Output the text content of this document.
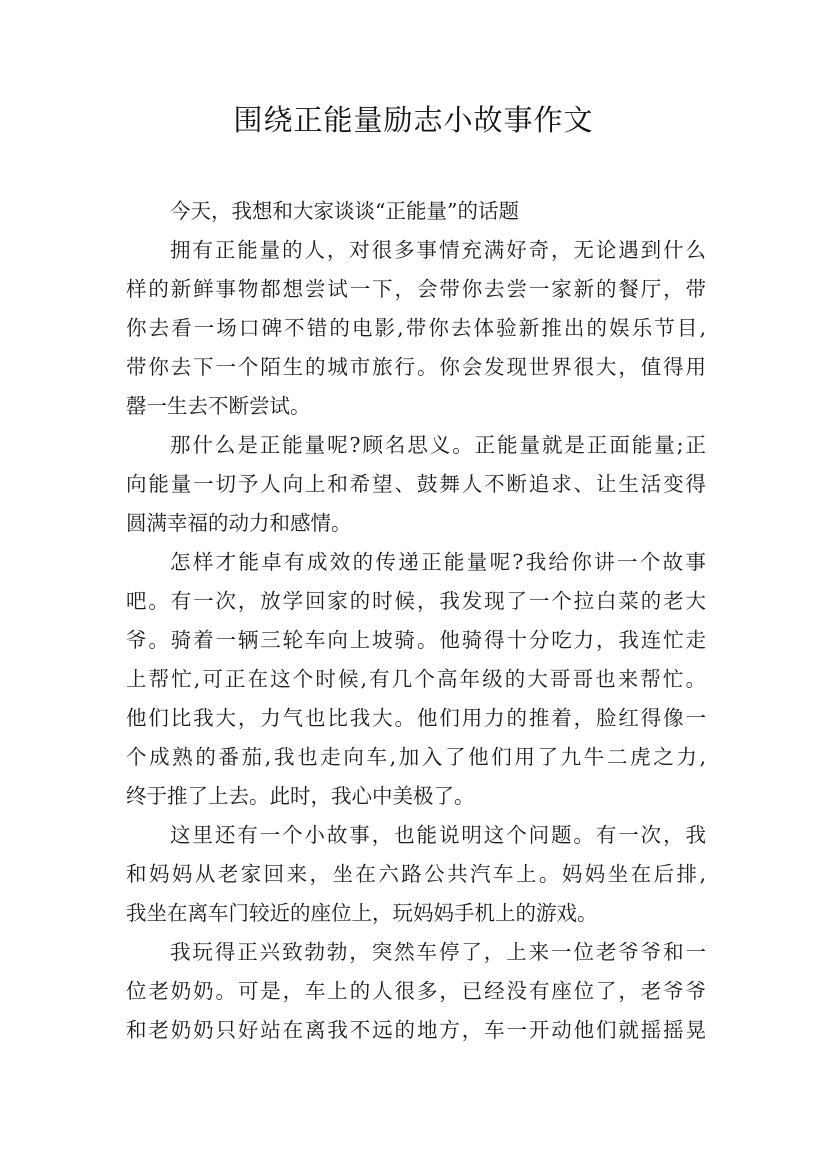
围绕正能量励志小故事作文
今天，我想和大家谈谈“正能量”的话题
拥有正能量的人，对很多事情充满好奇，无论遇到什么
样的新鲜事物都想尝试一下，会带你去尝一家新的餐厅，带
你去看一场口碑不错的电影,带你去体验新推出的娱乐节目,
带你去下一个陌生的城市旅行。你会发现世界很大，值得用
罄一生去不断尝试。
那什么是正能量呢?顾名思义。正能量就是正面能量;正
向能量一切予人向上和希望、鼓舞人不断追求、让生活变得
圆满幸福的动力和感情。
怎样才能卓有成效的传递正能量呢?我给你讲一个故事
吧。有一次，放学回家的时候，我发现了一个拉白菜的老大
爷。骑着一辆三轮车向上坡骑。他骑得十分吃力，我连忙走
上帮忙,可正在这个时候,有几个高年级的大哥哥也来帮忙。
他们比我大，力气也比我大。他们用力的推着，脸红得像一
个成熟的番茄,我也走向车,加入了他们用了九牛二虎之力,
终于推了上去。此时，我心中美极了。
这里还有一个小故事，也能说明这个问题。有一次，我
和妈妈从老家回来，坐在六路公共汽车上。妈妈坐在后排,
我坐在离车门较近的座位上，玩妈妈手机上的游戏。
我玩得正兴致勃勃，突然车停了，上来一位老爷爷和一
位老奶奶。可是，车上的人很多，已经没有座位了，老爷爷
和老奶奶只好站在离我不远的地方，车一开动他们就摇摇晃
